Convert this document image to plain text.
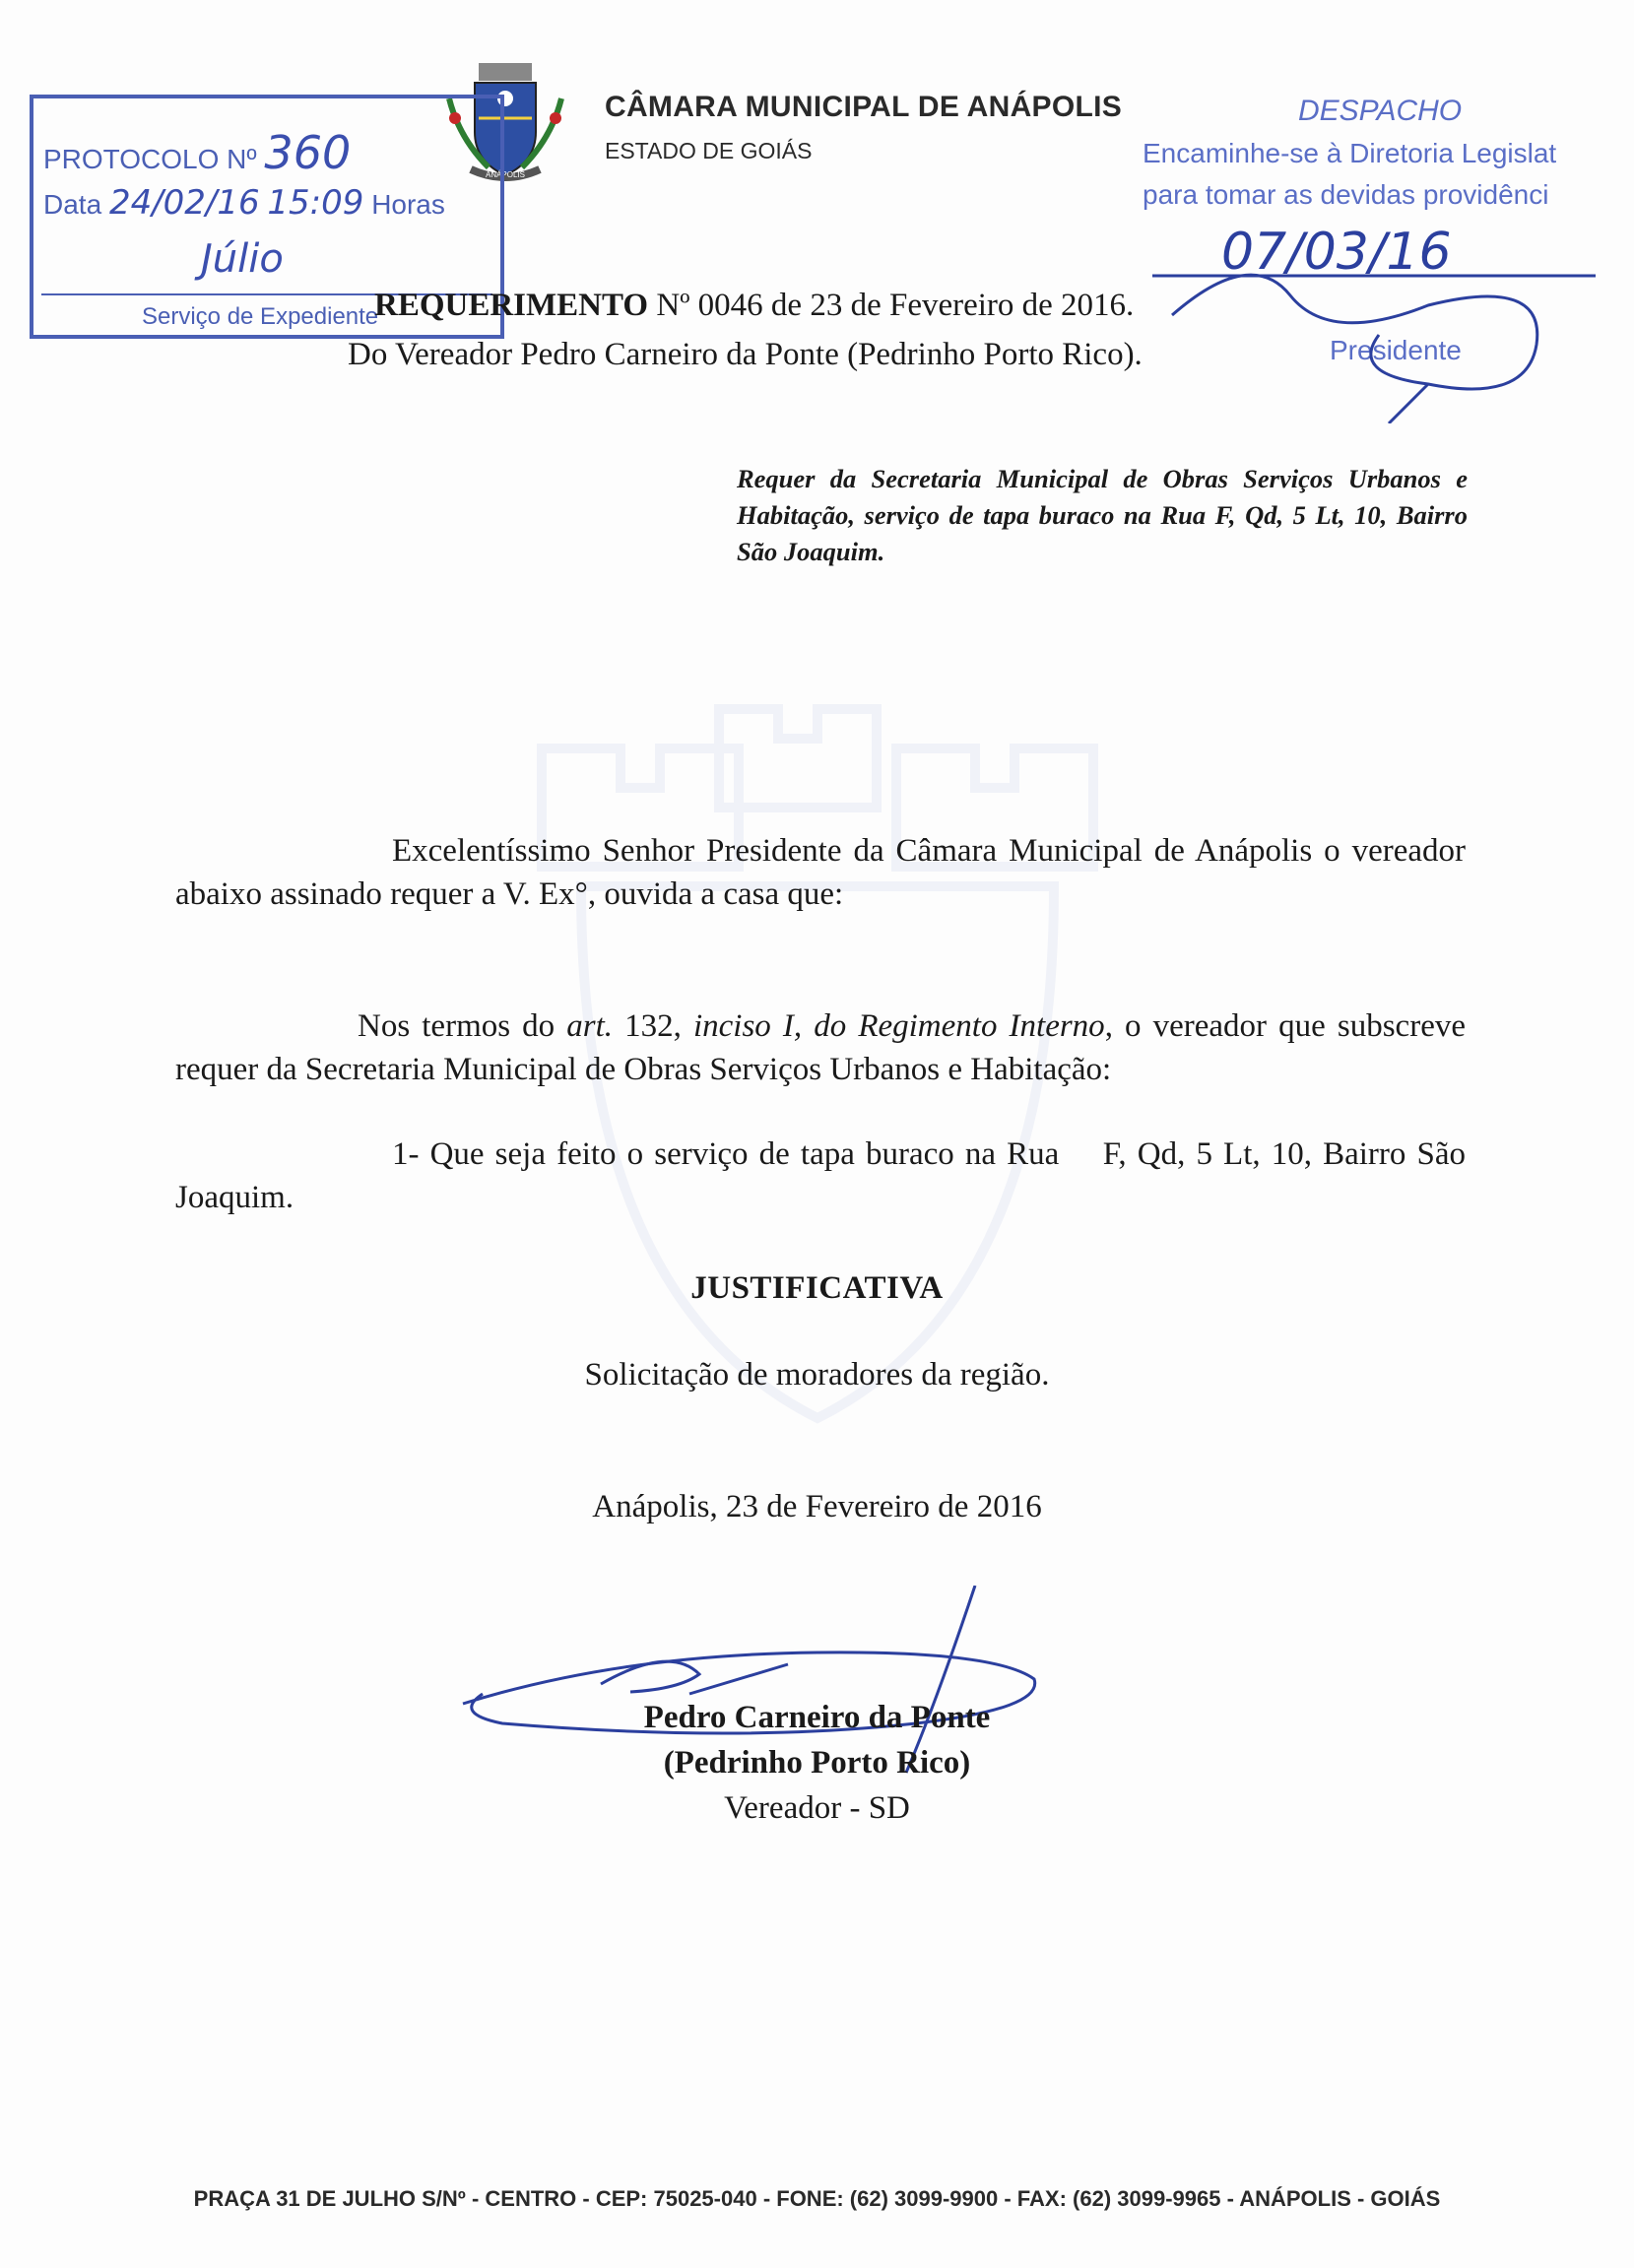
ANÁPOLIS
CÂMARA MUNICIPAL DE ANÁPOLIS
ESTADO DE GOIÁS
PROTOCOLO Nº 360
Data 24/02/16 15:09 Horas
Júlio
Serviço de Expediente
DESPACHO
Encaminhe-se à Diretoria Legislat
para tomar as devidas providênci
07/03/16
Presidente
REQUERIMENTO Nº 0046 de 23 de Fevereiro de 2016.
Do Vereador Pedro Carneiro da Ponte (Pedrinho Porto Rico).
Requer da Secretaria Municipal de Obras Serviços Urbanos e Habitação, serviço de tapa buraco na Rua F, Qd, 5 Lt, 10, Bairro São Joaquim.
Excelentíssimo Senhor Presidente da Câmara Municipal de Anápolis o vereador abaixo assinado requer a V. Ex°, ouvida a casa que:
Nos termos do art. 132, inciso I, do Regimento Interno, o vereador que subscreve requer da Secretaria Municipal de Obras Serviços Urbanos e Habitação:
1- Que seja feito o serviço de tapa buraco na Rua    F, Qd, 5 Lt, 10, Bairro São Joaquim.
JUSTIFICATIVA
Solicitação de moradores da região.
Anápolis, 23 de Fevereiro de 2016
Pedro Carneiro da Ponte
(Pedrinho Porto Rico)
Vereador - SD
PRAÇA 31 DE JULHO S/Nº - CENTRO - CEP: 75025-040 - FONE: (62) 3099-9900 - FAX: (62) 3099-9965 - ANÁPOLIS - GOIÁS
